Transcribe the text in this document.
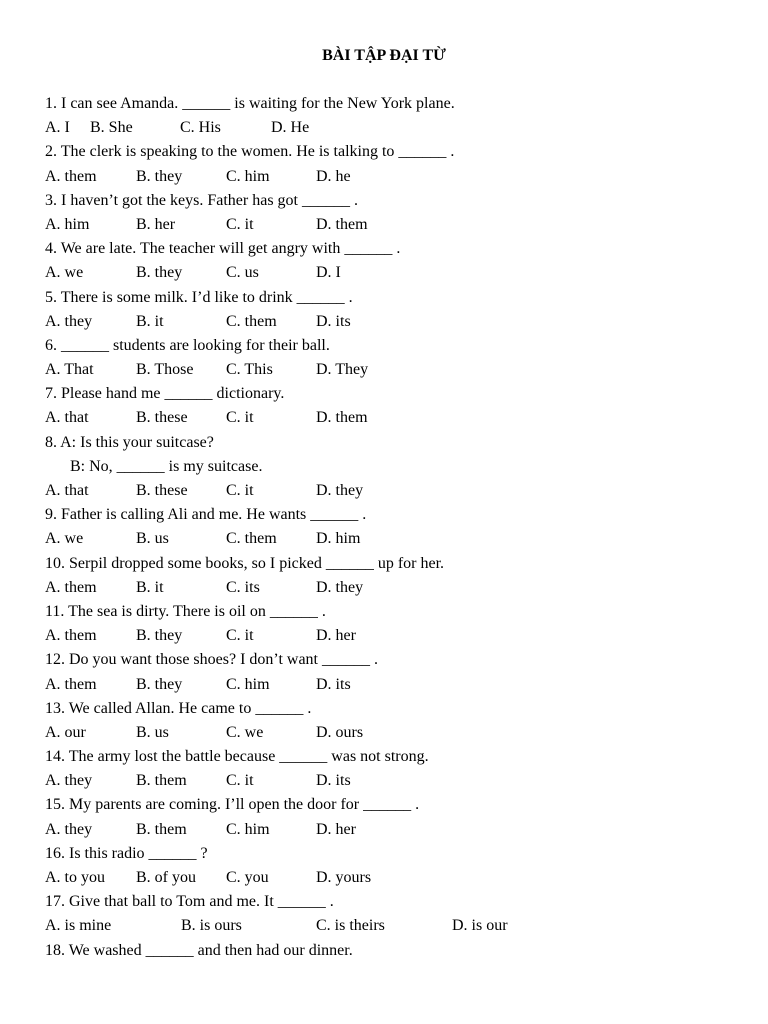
BÀI TẬP ĐẠI TỪ
1. I can see Amanda. ______ is waiting for the New York plane.
A. I B. She	C. His	D. He
2. The clerk is speaking to the women. He is talking to ______ .
A. them B. they	C. him	D. he
3. I haven’t got the keys. Father has got ______ .
A. him	B. her	C. it	D. them
4. We are late. The teacher will get angry with ______ .
A. we	B. they	C. us	D. I
5. There is some milk. I’d like to drink ______ .
A. they	B. it	C. them D. its
6. ______ students are looking for their ball.
A. That	B. Those C. This	D. They
7. Please hand me ______ dictionary.
A. that	B. these C. it	D. them
8. A: Is this your suitcase?
B: No, ______ is my suitcase.
A. that	B. these C. it	D. they
9. Father is calling Ali and me. He wants ______ .
A. we	B. us	C. them D. him
10. Serpil dropped some books, so I picked ______ up for her.
A. them B. it	C. its	D. they
11. The sea is dirty. There is oil on ______ .
A. them B. they	C. it	D. her
12. Do you want those shoes? I don’t want ______ .
A. them B. they	C. him	D. its
13. We called Allan. He came to ______ .
A. our	B. us	C. we	D. ours
14. The army lost the battle because ______ was not strong.
A. they	B. them C. it	D. its
15. My parents are coming. I’ll open the door for ______ .
A. they	B. them C. him	D. her
16. Is this radio ______ ?
A. to you B. of you C. you	D. yours
17. Give that ball to Tom and me. It ______ .
A. is mine	B. is ours	C. is theirs	D. is our
18. We washed ______ and then had our dinner.
